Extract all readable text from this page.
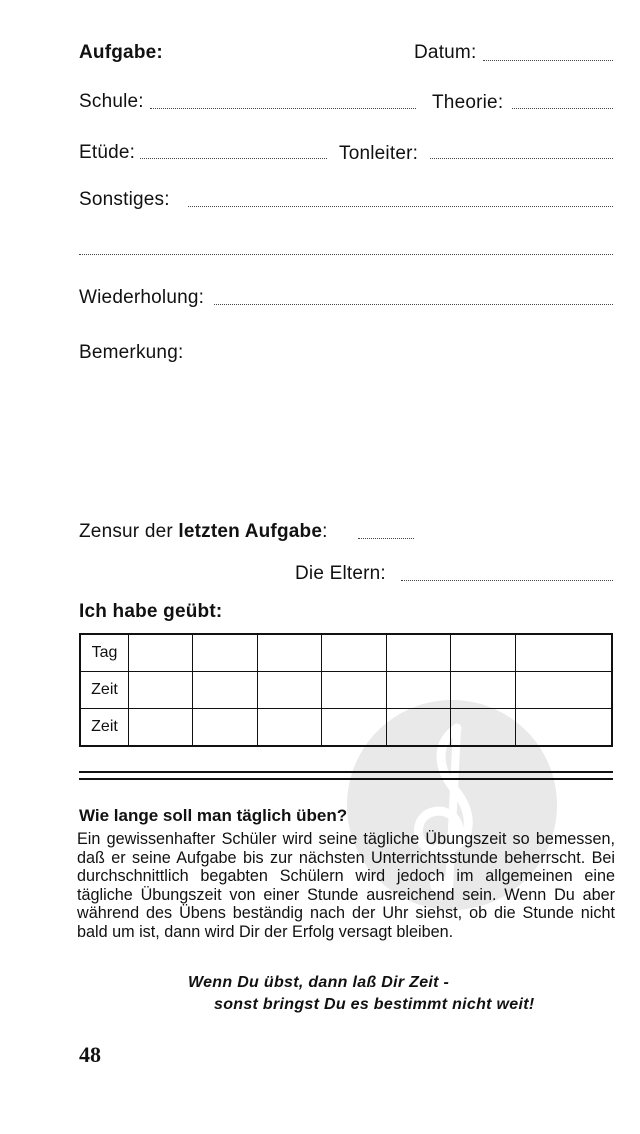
Aufgabe:	Datum:
Schule:	Theorie:
Etüde:	Tonleiter:
Sonstiges:
Wiederholung:
Bemerkung:
Zensur der letzten Aufgabe:
Die Eltern:
Ich habe geübt:
Tag							
Zeit							
Zeit							
Wie lange soll man täglich üben?
Ein gewissenhafter Schüler wird seine tägliche Übungszeit so bemessen, daß er seine Aufgabe bis zur nächsten Unterrichtsstunde beherrscht. Bei durchschnittlich begabten Schülern wird jedoch im allgemeinen eine tägliche Übungszeit von einer Stunde ausreichend sein. Wenn Du aber während des Übens beständig nach der Uhr siehst, ob die Stunde nicht bald um ist, dann wird Dir der Erfolg versagt bleiben.
Wenn Du übst, dann laß Dir Zeit -
sonst bringst Du es bestimmt nicht weit!
48
